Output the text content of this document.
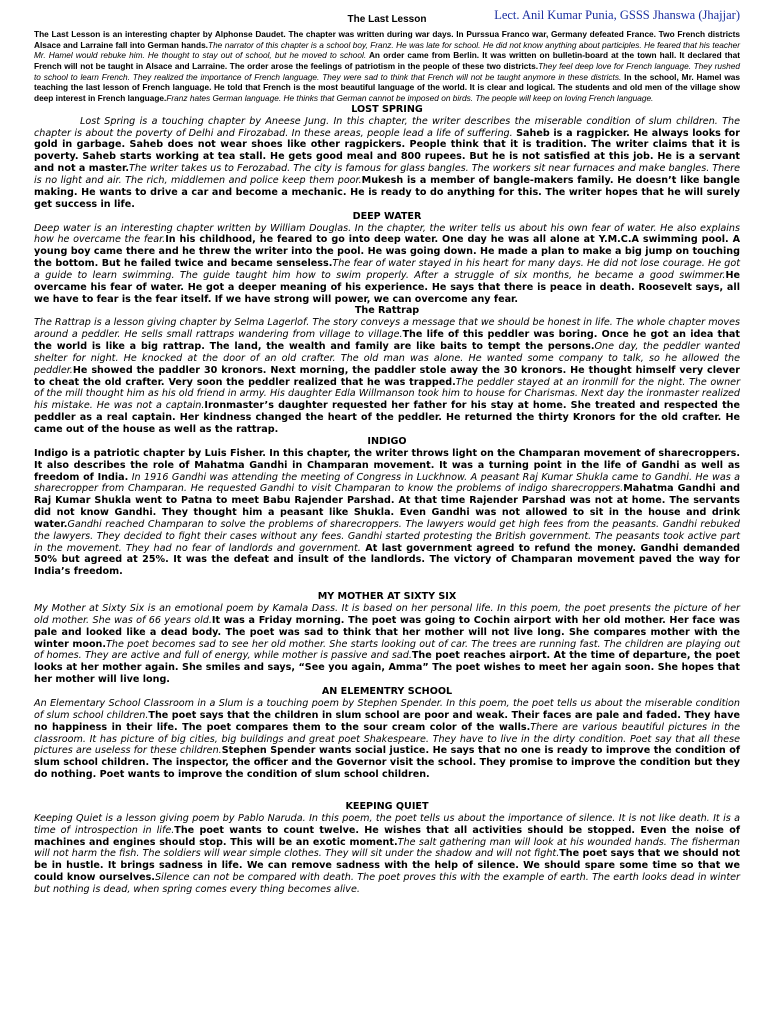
The Last Lesson	Lect. Anil Kumar Punia, GSSS Jhanswa (Jhajjar)

The Last Lesson is an interesting chapter by Alphonse Daudet. The chapter was written during war days. In Purssua Franco war, Germany defeated France. Two French districts Alsace and Larraine fall into German hands.The narrator of this chapter is a school boy, Franz. He was late for school. He did not know anything about participles. He feared that his teacher Mr. Hamel would rebuke him. He thought to stay out of school, but he moved to school. An order came from Berlin. It was written on bulletin-board at the town hall. It declared that French will not be taught in Alsace and Larraine. The order arose the feelings of patriotism in the people of these two districts.They feel deep love for French language. They rushed to school to learn French. They realized the importance of French language. They were sad to think that French will not be taught anymore in these districts. In the school, Mr. Hamel was teaching the last lesson of French language. He told that French is the most beautiful language of the world. It is clear and logical. The students and old men of the village show deep interest in French language.Franz hates German language. He thinks that German cannot be imposed on birds. The people will keep on loving French language.

LOST SPRING

Lost Spring is a touching chapter by Aneese Jung. In this chapter, the writer describes the miserable condition of slum children. The chapter is about the poverty of Delhi and Firozabad. In these areas, people lead a life of suffering. Saheb is a ragpicker. He always looks for gold in garbage. Saheb does not wear shoes like other ragpickers. People think that it is tradition. The writer claims that it is poverty. Saheb starts working at tea stall. He gets good meal and 800 rupees. But he is not satisfied at this job. He is a servant and not a master.The writer takes us to Ferozabad. The city is famous for glass bangles. The workers sit near furnaces and make bangles. There is no light and air. The rich, middlemen and police keep them poor.Mukesh is a member of bangle-makers family. He doesn’t like bangle making. He wants to drive a car and become a mechanic. He is ready to do anything for this. The writer hopes that he will surely get success in life.

DEEP WATER

Deep water is an interesting chapter written by William Douglas. In the chapter, the writer tells us about his own fear of water. He also explains how he overcame the fear.In his childhood, he feared to go into deep water. One day he was all alone at Y.M.C.A swimming pool. A young boy came there and he threw the writer into the pool. He was going down. He made a plan to make a big jump on touching the bottom. But he failed twice and became senseless.The fear of water stayed in his heart for many days. He did not lose courage. He got a guide to learn swimming. The guide taught him how to swim properly. After a struggle of six months, he became a good swimmer.He overcame his fear of water. He got a deeper meaning of his experience. He says that there is peace in death. Roosevelt says, all we have to fear is the fear itself. If we have strong will power, we can overcome any fear.

The Rattrap

The Rattrap is a lesson giving chapter by Selma Lagerlof. The story conveys a message that we should be honest in life. The whole chapter moves around a peddler. He sells small rattraps wandering from village to village.The life of this peddler was boring. Once he got an idea that the world is like a big rattrap. The land, the wealth and family are like baits to tempt the persons.One day, the peddler wanted shelter for night. He knocked at the door of an old crafter. The old man was alone. He wanted some company to talk, so he allowed the peddler.He showed the paddler 30 kronors. Next morning, the paddler stole away the 30 kronors. He thought himself very clever to cheat the old crafter. Very soon the peddler realized that he was trapped.The peddler stayed at an ironmill for the night. The owner of the mill thought him as his old friend in army. His daughter Edla Willmanson took him to house for Charismas. Next day the ironmaster realized his mistake. He was not a captain.Ironmaster’s daughter requested her father for his stay at home. She treated and respected the peddler as a real captain. Her kindness changed the heart of the peddler. He returned the thirty Kronors for the old crafter. He came out of the house as well as the rattrap.

INDIGO

Indigo is a patriotic chapter by Luis Fisher. In this chapter, the writer throws light on the Champaran movement of sharecroppers. It also describes the role of Mahatma Gandhi in Champaran movement. It was a turning point in the life of Gandhi as well as freedom of India. In 1916 Gandhi was attending the meeting of Congress in Luckhnow. A peasant Raj Kumar Shukla came to Gandhi. He was a sharecropper from Champaran. He requested Gandhi to visit Champaran to know the problems of indigo sharecroppers.Mahatma Gandhi and Raj Kumar Shukla went to Patna to meet Babu Rajender Parshad. At that time Rajender Parshad was not at home. The servants did not know Gandhi. They thought him a peasant like Shukla. Even Gandhi was not allowed to sit in the house and drink water.Gandhi reached Champaran to solve the problems of sharecroppers. The lawyers would get high fees from the peasants. Gandhi rebuked the lawyers. They decided to fight their cases without any fees. Gandhi started protesting the British government. The peasants took active part in the movement. They had no fear of landlords and government. At last government agreed to refund the money. Gandhi demanded 50% but agreed at 25%. It was the defeat and insult of the landlords. The victory of Champaran movement paved the way for India’s freedom.

MY MOTHER AT SIXTY SIX

My Mother at Sixty Six is an emotional poem by Kamala Dass. It is based on her personal life. In this poem, the poet presents the picture of her old mother. She was of 66 years old.It was a Friday morning. The poet was going to Cochin airport with her old mother. Her face was pale and looked like a dead body. The poet was sad to think that her mother will not live long. She compares mother with the winter moon.The poet becomes sad to see her old mother. She starts looking out of car. The trees are running fast. The children are playing out of homes. They are active and full of energy, while mother is passive and sad.The poet reaches airport. At the time of departure, the poet looks at her mother again. She smiles and says, “See you again, Amma” The poet wishes to meet her again soon. She hopes that her mother will live long.

AN ELEMENTRY SCHOOL

An Elementary School Classroom in a Slum is a touching poem by Stephen Spender. In this poem, the poet tells us about the miserable condition of slum school children.The poet says that the children in slum school are poor and weak. Their faces are pale and faded. They have no happiness in their life. The poet compares them to the sour cream color of the walls.There are various beautiful pictures in the classroom. It has picture of big cities, big buildings and great poet Shakespeare. They have to live in the dirty condition. Poet say that all these pictures are useless for these children.Stephen Spender wants social justice. He says that no one is ready to improve the condition of slum school children. The inspector, the officer and the Governor visit the school. They promise to improve the condition but they do nothing. Poet wants to improve the condition of slum school children.

KEEPING QUIET

Keeping Quiet is a lesson giving poem by Pablo Naruda. In this poem, the poet tells us about the importance of silence. It is not like death. It is a time of introspection in life.The poet wants to count twelve. He wishes that all activities should be stopped. Even the noise of machines and engines should stop. This will be an exotic moment.The salt gathering man will look at his wounded hands. The fisherman will not harm the fish. The soldiers will wear simple clothes. They will sit under the shadow and will not fight.The poet says that we should not be in hustle. It brings sadness in life. We can remove sadness with the help of silence. We should spare some time so that we could know ourselves.Silence can not be compared with death. The poet proves this with the example of earth. The earth looks dead in winter but nothing is dead, when spring comes every thing becomes alive.
